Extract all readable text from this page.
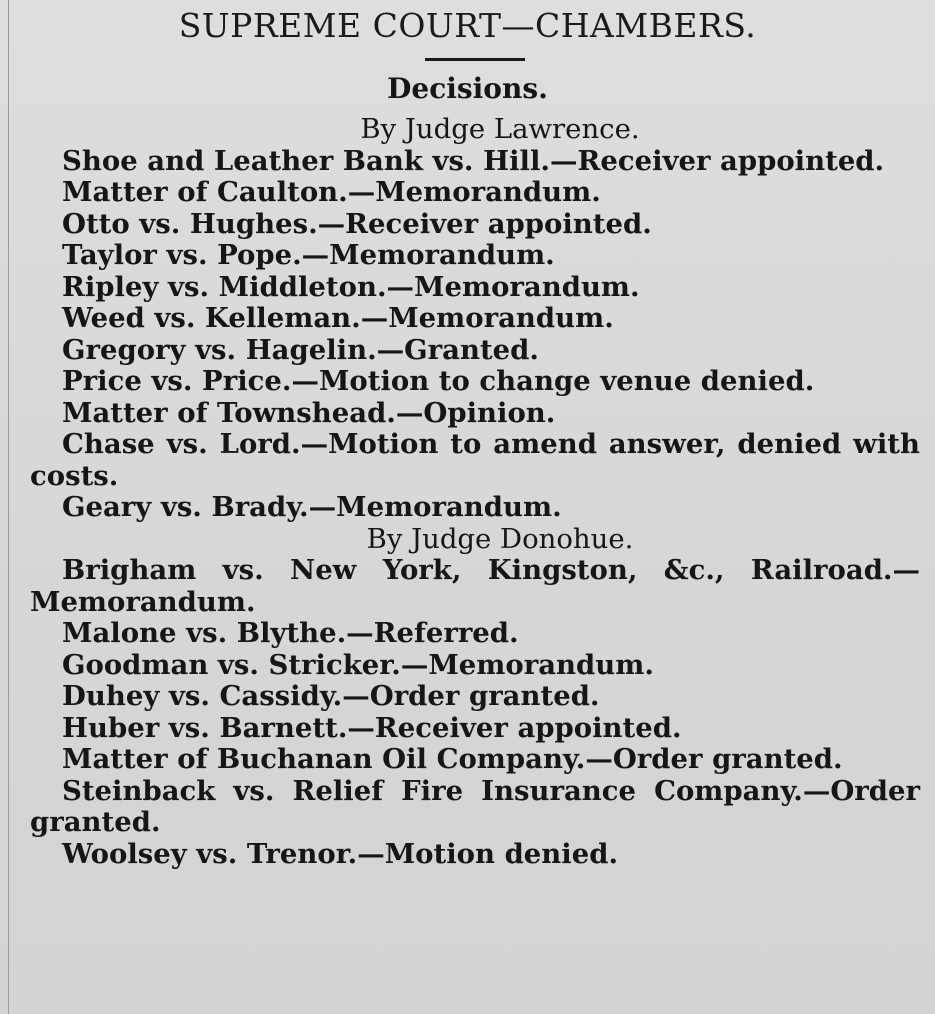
SUPREME COURT—CHAMBERS.
Decisions.
By Judge Lawrence.
Shoe and Leather Bank vs. Hill.—Receiver appointed.
Matter of Caulton.—Memorandum.
Otto vs. Hughes.—Receiver appointed.
Taylor vs. Pope.—Memorandum.
Ripley vs. Middleton.—Memorandum.
Weed vs. Kelleman.—Memorandum.
Gregory vs. Hagelin.—Granted.
Price vs. Price.—Motion to change venue denied.
Matter of Townshead.—Opinion.
Chase vs. Lord.—Motion to amend answer, denied with costs.
Geary vs. Brady.—Memorandum.
By Judge Donohue.
Brigham vs. New York, Kingston, &c., Railroad.—Memorandum.
Malone vs. Blythe.—Referred.
Goodman vs. Stricker.—Memorandum.
Duhey vs. Cassidy.—Order granted.
Huber vs. Barnett.—Receiver appointed.
Matter of Buchanan Oil Company.—Order granted.
Steinback vs. Relief Fire Insurance Company.—Order granted.
Woolsey vs. Trenor.—Motion denied.
